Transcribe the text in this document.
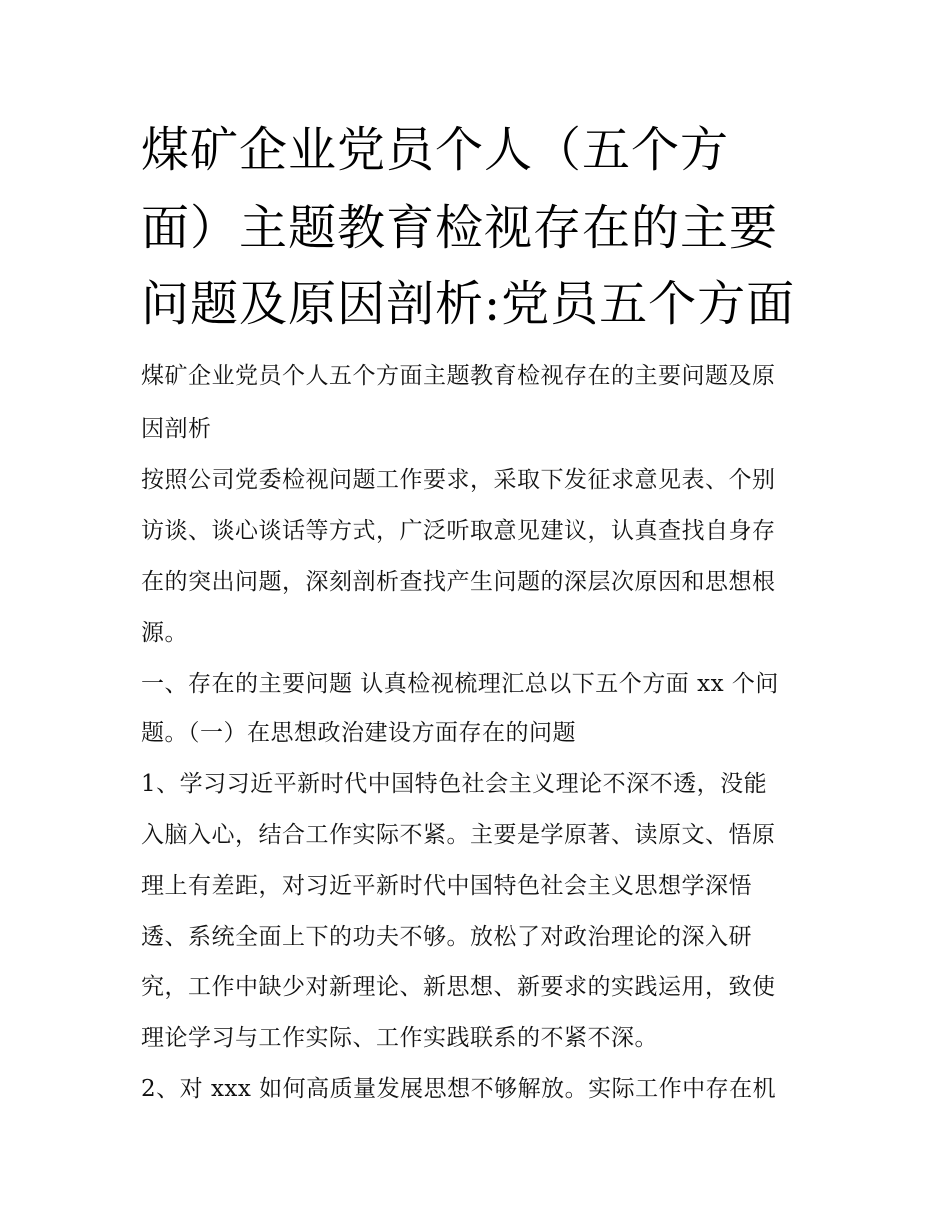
煤矿企业党员个人（五个方
面）主题教育检视存在的主要
问题及原因剖析:党员五个方面
煤矿企业党员个人五个方面主题教育检视存在的主要问题及原
因剖析
按照公司党委检视问题工作要求，采取下发征求意见表、个别
访谈、谈心谈话等方式，广泛听取意见建议，认真查找自身存
在的突出问题，深刻剖析查找产生问题的深层次原因和思想根
源。
一、存在的主要问题 认真检视梳理汇总以下五个方面 xx 个问
题。（一）在思想政治建设方面存在的问题
1、学习习近平新时代中国特色社会主义理论不深不透，没能
入脑入心，结合工作实际不紧。主要是学原著、读原文、悟原
理上有差距，对习近平新时代中国特色社会主义思想学深悟
透、系统全面上下的功夫不够。放松了对政治理论的深入研
究，工作中缺少对新理论、新思想、新要求的实践运用，致使
理论学习与工作实际、工作实践联系的不紧不深。
2、对 xxx 如何高质量发展思想不够解放。实际工作中存在机
